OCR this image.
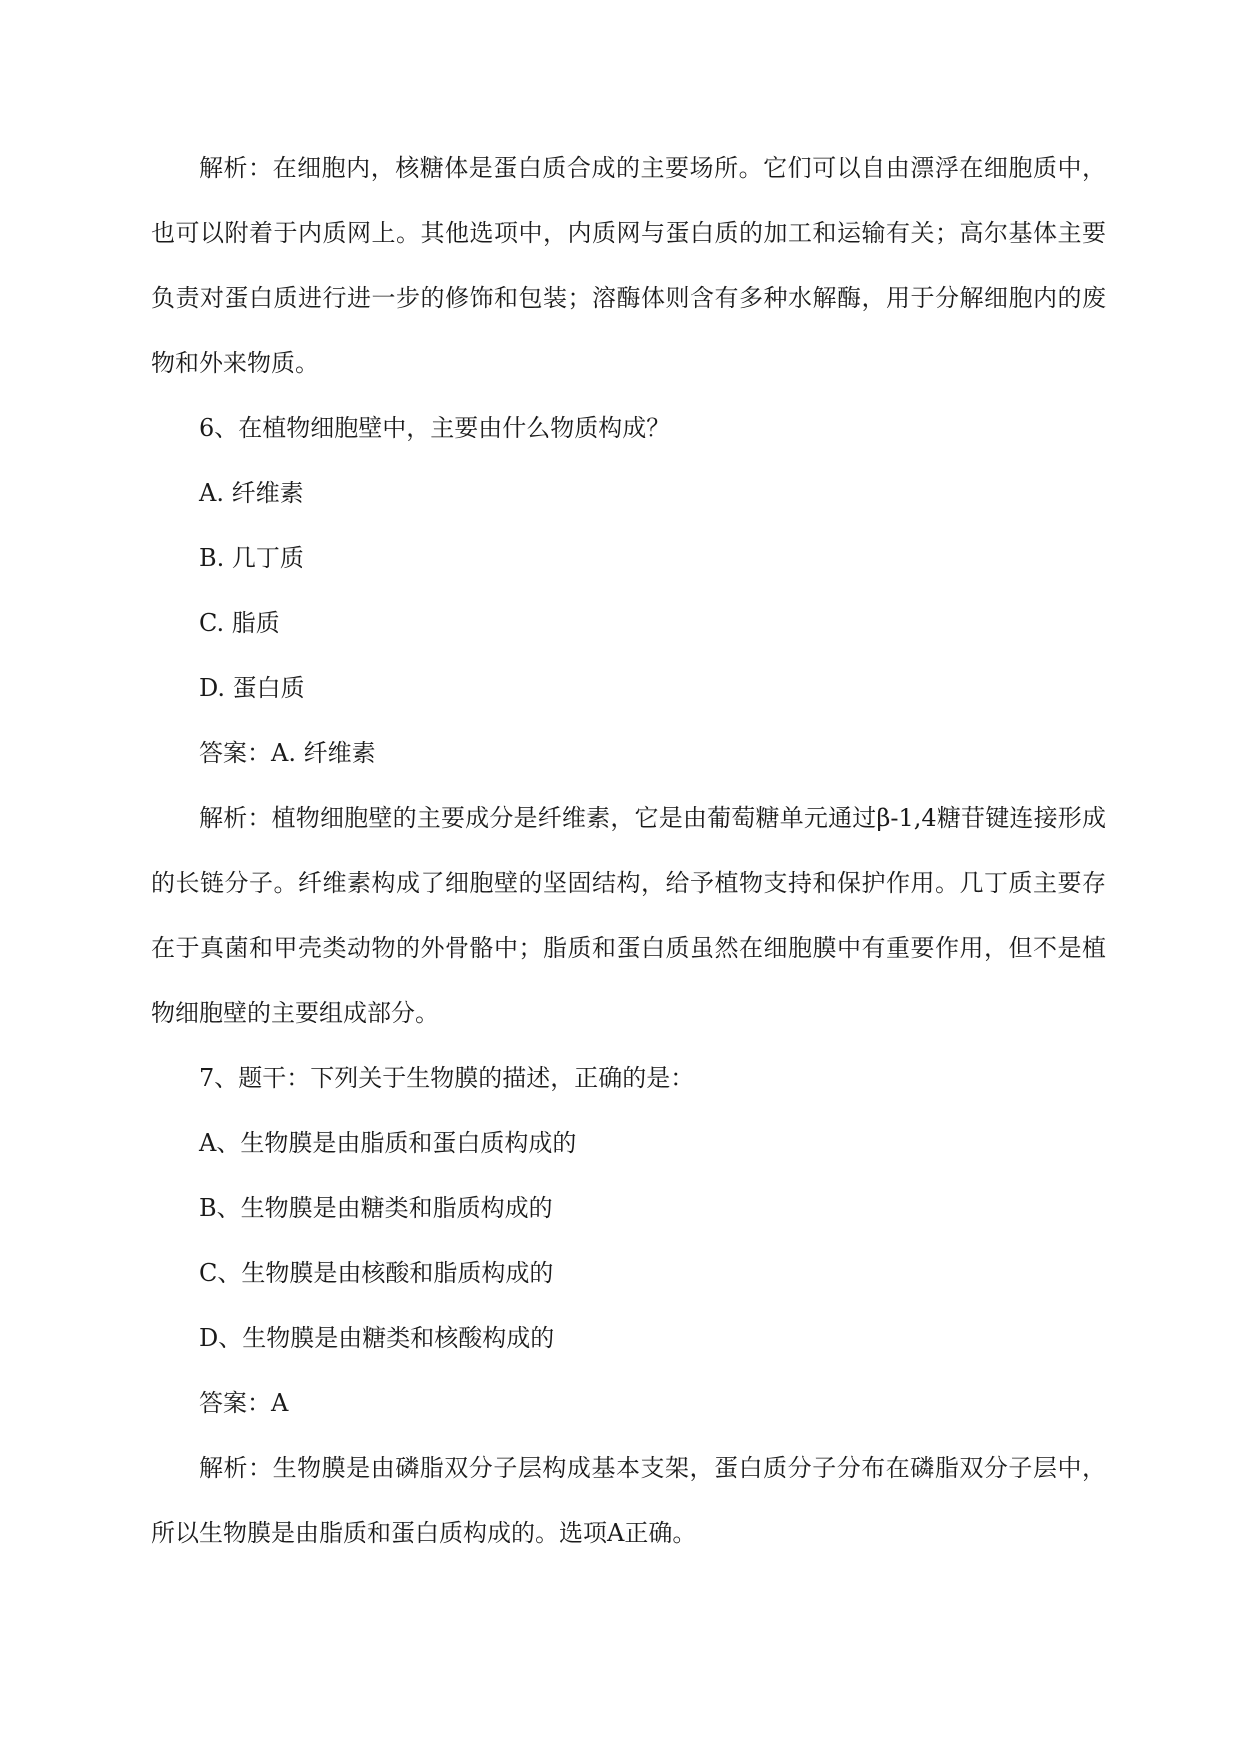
解析：在细胞内，核糖体是蛋白质合成的主要场所。它们可以自由漂浮在细胞质中，也可以附着于内质网上。其他选项中，内质网与蛋白质的加工和运输有关；高尔基体主要负责对蛋白质进行进一步的修饰和包装；溶酶体则含有多种水解酶，用于分解细胞内的废物和外来物质。

6、在植物细胞壁中，主要由什么物质构成？

A. 纤维素

B. 几丁质

C. 脂质

D. 蛋白质

答案：A. 纤维素

解析：植物细胞壁的主要成分是纤维素，它是由葡萄糖单元通过β-1,4糖苷键连接形成的长链分子。纤维素构成了细胞壁的坚固结构，给予植物支持和保护作用。几丁质主要存在于真菌和甲壳类动物的外骨骼中；脂质和蛋白质虽然在细胞膜中有重要作用，但不是植物细胞壁的主要组成部分。

7、题干：下列关于生物膜的描述，正确的是：

A、生物膜是由脂质和蛋白质构成的

B、生物膜是由糖类和脂质构成的

C、生物膜是由核酸和脂质构成的

D、生物膜是由糖类和核酸构成的

答案：A

解析：生物膜是由磷脂双分子层构成基本支架，蛋白质分子分布在磷脂双分子层中，所以生物膜是由脂质和蛋白质构成的。选项A正确。
